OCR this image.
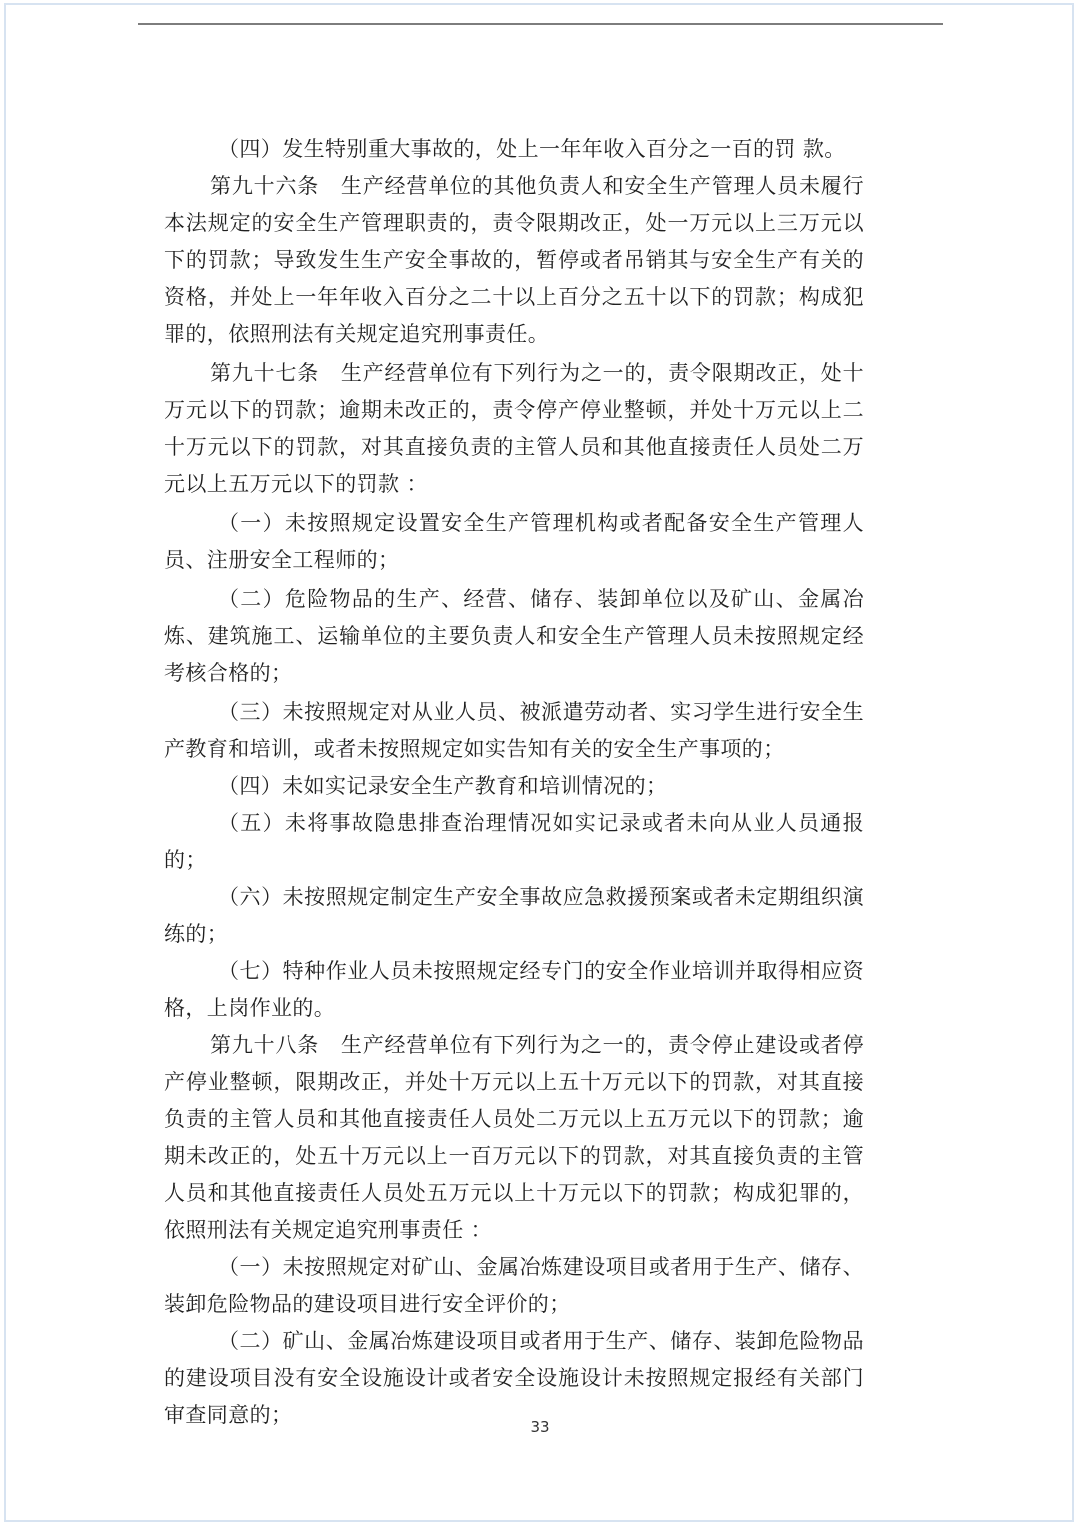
（四）发生特别重大事故的，处上一年年收入百分之一百的罚 款。

第九十六条　生产经营单位的其他负责人和安全生产管理人员未履行本法规定的安全生产管理职责的，责令限期改正，处一万元以上三万元以下的罚款；导致发生生产安全事故的，暂停或者吊销其与安全生产有关的资格，并处上一年年收入百分之二十以上百分之五十以下的罚款；构成犯罪的，依照刑法有关规定追究刑事责任。

第九十七条　生产经营单位有下列行为之一的，责令限期改正，处十万元以下的罚款；逾期未改正的，责令停产停业整顿，并处十万元以上二十万元以下的罚款，对其直接负责的主管人员和其他直接责任人员处二万元以上五万元以下的罚款 ：

（一）未按照规定设置安全生产管理机构或者配备安全生产管理人员、注册安全工程师的；

（二）危险物品的生产、经营、储存、装卸单位以及矿山、金属冶炼、建筑施工、运输单位的主要负责人和安全生产管理人员未按照规定经考核合格的；

（三）未按照规定对从业人员、被派遣劳动者、实习学生进行安全生产教育和培训，或者未按照规定如实告知有关的安全生产事项的；

（四）未如实记录安全生产教育和培训情况的；

（五）未将事故隐患排查治理情况如实记录或者未向从业人员通报的；

（六）未按照规定制定生产安全事故应急救援预案或者未定期组织演练的；

（七）特种作业人员未按照规定经专门的安全作业培训并取得相应资格，上岗作业的。

第九十八条　生产经营单位有下列行为之一的，责令停止建设或者停产停业整顿，限期改正，并处十万元以上五十万元以下的罚款，对其直接负责的主管人员和其他直接责任人员处二万元以上五万元以下的罚款；逾期未改正的，处五十万元以上一百万元以下的罚款，对其直接负责的主管人员和其他直接责任人员处五万元以上十万元以下的罚款；构成犯罪的，依照刑法有关规定追究刑事责任 ：

（一）未按照规定对矿山、金属冶炼建设项目或者用于生产、储存、装卸危险物品的建设项目进行安全评价的；

（二）矿山、金属冶炼建设项目或者用于生产、储存、装卸危险物品的建设项目没有安全设施设计或者安全设施设计未按照规定报经有关部门审查同意的；	33
